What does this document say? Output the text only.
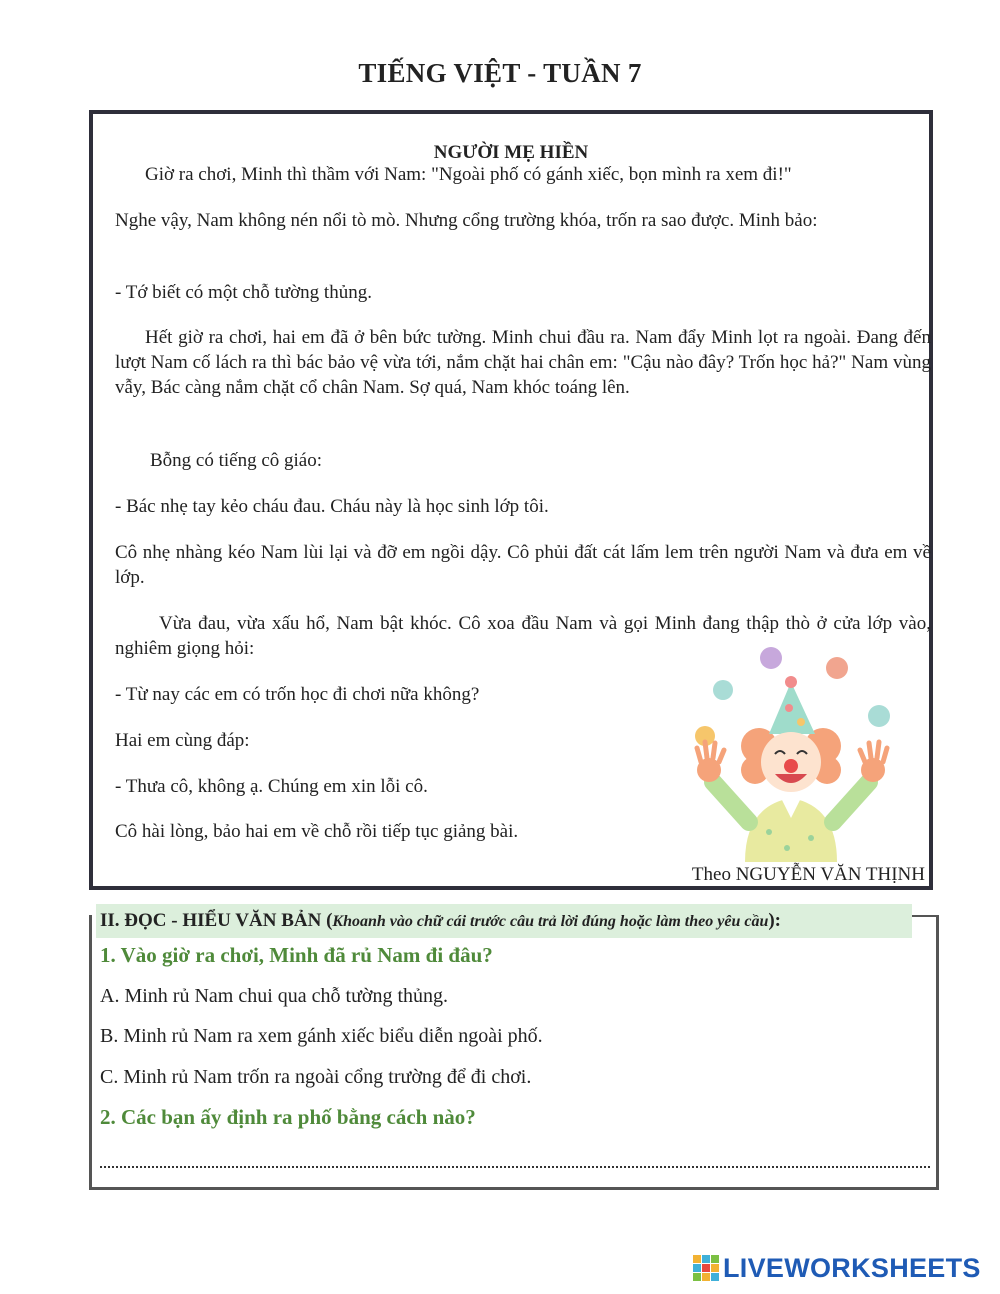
TIẾNG VIỆT - TUẦN 7
NGƯỜI MẸ HIỀN
Giờ ra chơi, Minh thì thầm với Nam: "Ngoài phố có gánh xiếc, bọn mình ra xem đi!"
Nghe vậy, Nam không nén nổi tò mò. Nhưng cổng trường khóa, trốn ra sao được. Minh bảo:
- Tớ biết có một chỗ tường thủng.
Hết giờ ra chơi, hai em đã ở bên bức tường. Minh chui đầu ra. Nam đẩy Minh lọt ra ngoài. Đang đến lượt Nam cố lách ra thì bác bảo vệ vừa tới, nắm chặt hai chân em: "Cậu nào đây? Trốn học hả?" Nam vùng vẫy, Bác càng nắm chặt cổ chân Nam. Sợ quá, Nam khóc toáng lên.
Bỗng có tiếng cô giáo:
- Bác nhẹ tay kẻo cháu đau. Cháu này là học sinh lớp tôi.
Cô nhẹ nhàng kéo Nam lùi lại và đỡ em ngồi dậy. Cô phủi đất cát lấm lem trên người Nam và đưa em về lớp.
Vừa đau, vừa xấu hổ, Nam bật khóc. Cô xoa đầu Nam và gọi Minh đang thập thò ở cửa lớp vào, nghiêm giọng hỏi:
- Từ nay các em có trốn học đi chơi nữa không?
Hai em cùng đáp:
- Thưa cô, không ạ. Chúng em xin lỗi cô.
Cô hài lòng, bảo hai em về chỗ rồi tiếp tục giảng bài.
Theo NGUYỄN VĂN THỊNH
II. ĐỌC - HIỂU VĂN BẢN (Khoanh vào chữ cái trước câu trả lời đúng hoặc làm theo yêu cầu):
1. Vào giờ ra chơi, Minh đã rủ Nam đi đâu?
A. Minh rủ Nam chui qua chỗ tường thủng.
B. Minh rủ Nam ra xem gánh xiếc biểu diễn ngoài phố.
C. Minh rủ Nam trốn ra ngoài cổng trường để đi chơi.
2. Các bạn ấy định ra phố bằng cách nào?
LIVEWORKSHEETS
